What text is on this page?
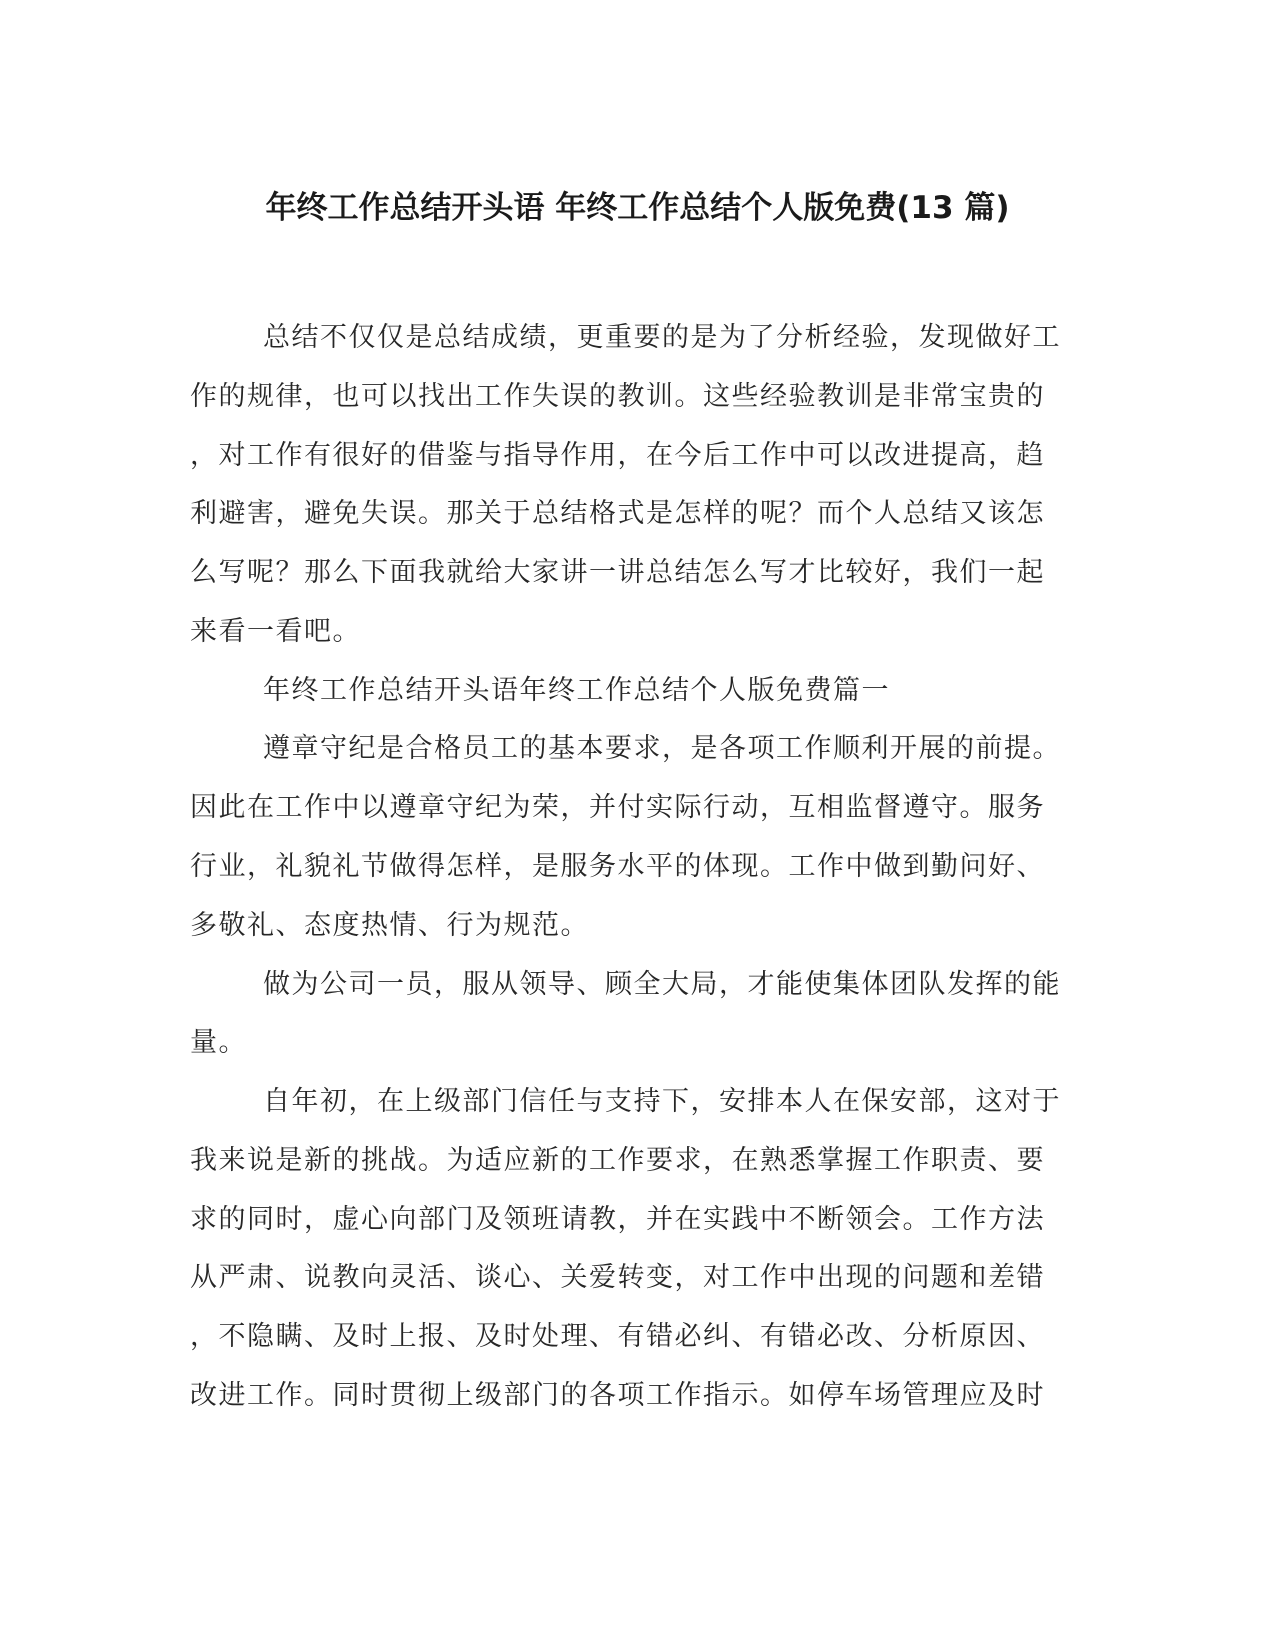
年终工作总结开头语 年终工作总结个人版免费(13 篇)
总结不仅仅是总结成绩，更重要的是为了分析经验，发现做好工
作的规律，也可以找出工作失误的教训。这些经验教训是非常宝贵的
，对工作有很好的借鉴与指导作用，在今后工作中可以改进提高，趋
利避害，避免失误。那关于总结格式是怎样的呢？而个人总结又该怎
么写呢？那么下面我就给大家讲一讲总结怎么写才比较好，我们一起
来看一看吧。
年终工作总结开头语年终工作总结个人版免费篇一
遵章守纪是合格员工的基本要求，是各项工作顺利开展的前提。
因此在工作中以遵章守纪为荣，并付实际行动，互相监督遵守。服务
行业，礼貌礼节做得怎样，是服务水平的体现。工作中做到勤问好、
多敬礼、态度热情、行为规范。
做为公司一员，服从领导、顾全大局，才能使集体团队发挥的能
量。
自年初，在上级部门信任与支持下，安排本人在保安部，这对于
我来说是新的挑战。为适应新的工作要求，在熟悉掌握工作职责、要
求的同时，虚心向部门及领班请教，并在实践中不断领会。工作方法
从严肃、说教向灵活、谈心、关爱转变，对工作中出现的问题和差错
，不隐瞒、及时上报、及时处理、有错必纠、有错必改、分析原因、
改进工作。同时贯彻上级部门的各项工作指示。如停车场管理应及时
